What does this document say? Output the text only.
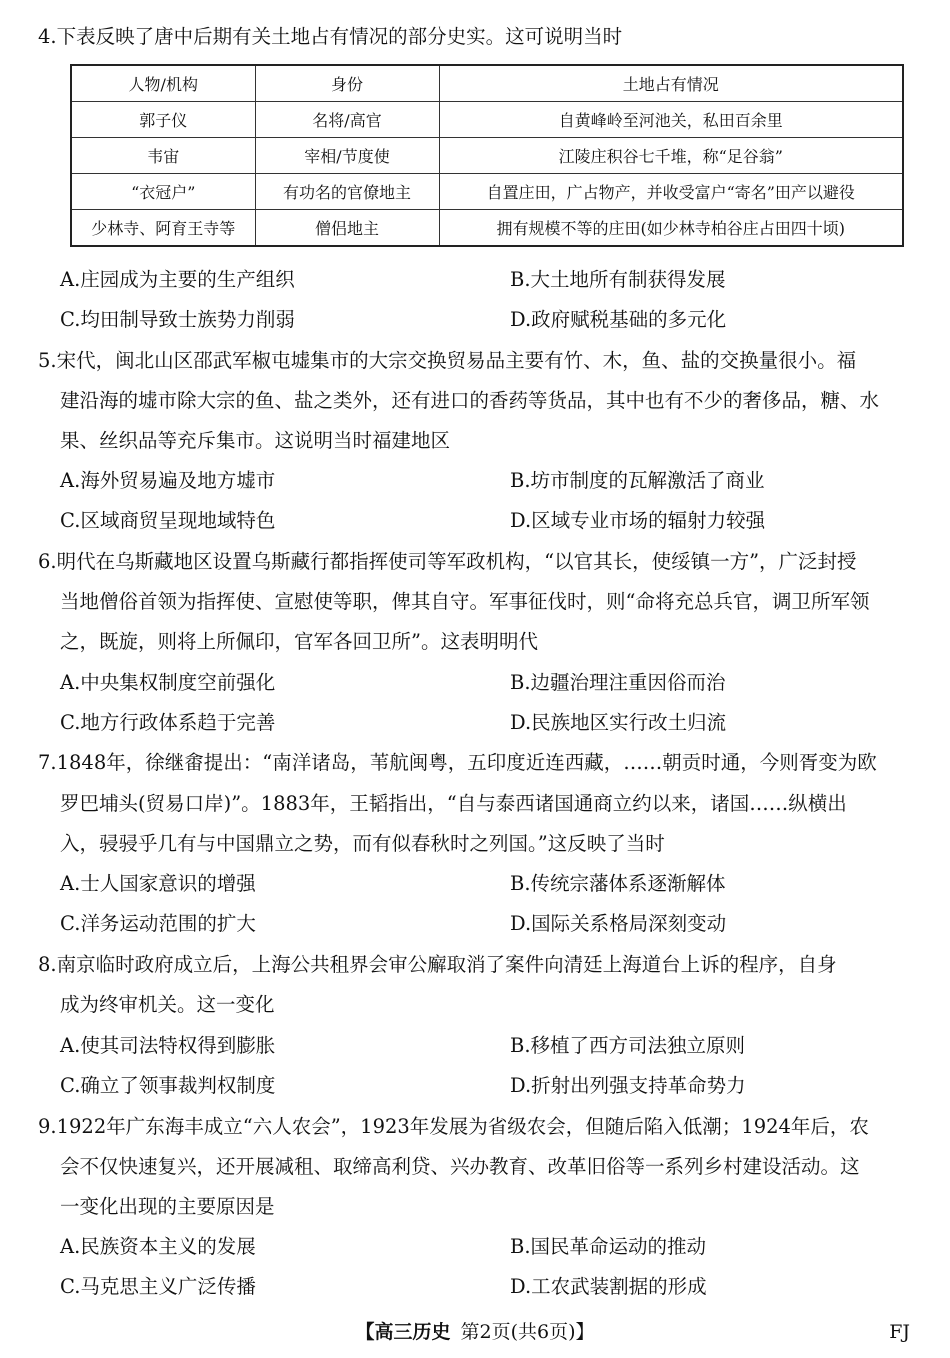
4.下表反映了唐中后期有关土地占有情况的部分史实。这可说明当时
人物/机构	身份	土地占有情况
郭子仪	名将/高官	自黄峰岭至河池关，私田百余里
韦宙	宰相/节度使	江陵庄积谷七千堆，称“足谷翁”
“衣冠户”	有功名的官僚地主	自置庄田，广占物产，并收受富户“寄名”田产以避役
少林寺、阿育王寺等	僧侣地主	拥有规模不等的庄田(如少林寺柏谷庄占田四十顷)
A.庄园成为主要的生产组织	B.大土地所有制获得发展
C.均田制导致士族势力削弱	D.政府赋税基础的多元化
5.宋代，闽北山区邵武军椒屯墟集市的大宗交换贸易品主要有竹、木，鱼、盐的交换量很小。福
建沿海的墟市除大宗的鱼、盐之类外，还有进口的香药等货品，其中也有不少的奢侈品，糖、水
果、丝织品等充斥集市。这说明当时福建地区
A.海外贸易遍及地方墟市	B.坊市制度的瓦解激活了商业
C.区域商贸呈现地域特色	D.区域专业市场的辐射力较强
6.明代在乌斯藏地区设置乌斯藏行都指挥使司等军政机构，“以官其长，使绥镇一方”，广泛封授
当地僧俗首领为指挥使、宣慰使等职，俾其自守。军事征伐时，则“命将充总兵官，调卫所军领
之，既旋，则将上所佩印，官军各回卫所”。这表明明代
A.中央集权制度空前强化	B.边疆治理注重因俗而治
C.地方行政体系趋于完善	D.民族地区实行改土归流
7.1848年，徐继畬提出：“南洋诸岛，苇航闽粤，五印度近连西藏，……朝贡时通，今则胥变为欧
罗巴埔头(贸易口岸)”。1883年，王韬指出，“自与泰西诸国通商立约以来，诸国……纵横出
入，骎骎乎几有与中国鼎立之势，而有似春秋时之列国。”这反映了当时
A.士人国家意识的增强	B.传统宗藩体系逐渐解体
C.洋务运动范围的扩大	D.国际关系格局深刻变动
8.南京临时政府成立后，上海公共租界会审公廨取消了案件向清廷上海道台上诉的程序，自身
成为终审机关。这一变化
A.使其司法特权得到膨胀	B.移植了西方司法独立原则
C.确立了领事裁判权制度	D.折射出列强支持革命势力
9.1922年广东海丰成立“六人农会”，1923年发展为省级农会，但随后陷入低潮；1924年后，农
会不仅快速复兴，还开展减租、取缔高利贷、兴办教育、改革旧俗等一系列乡村建设活动。这
一变化出现的主要原因是
A.民族资本主义的发展	B.国民革命运动的推动
C.马克思主义广泛传播	D.工农武装割据的形成
【高三历史 第2页(共6页)】	FJ
